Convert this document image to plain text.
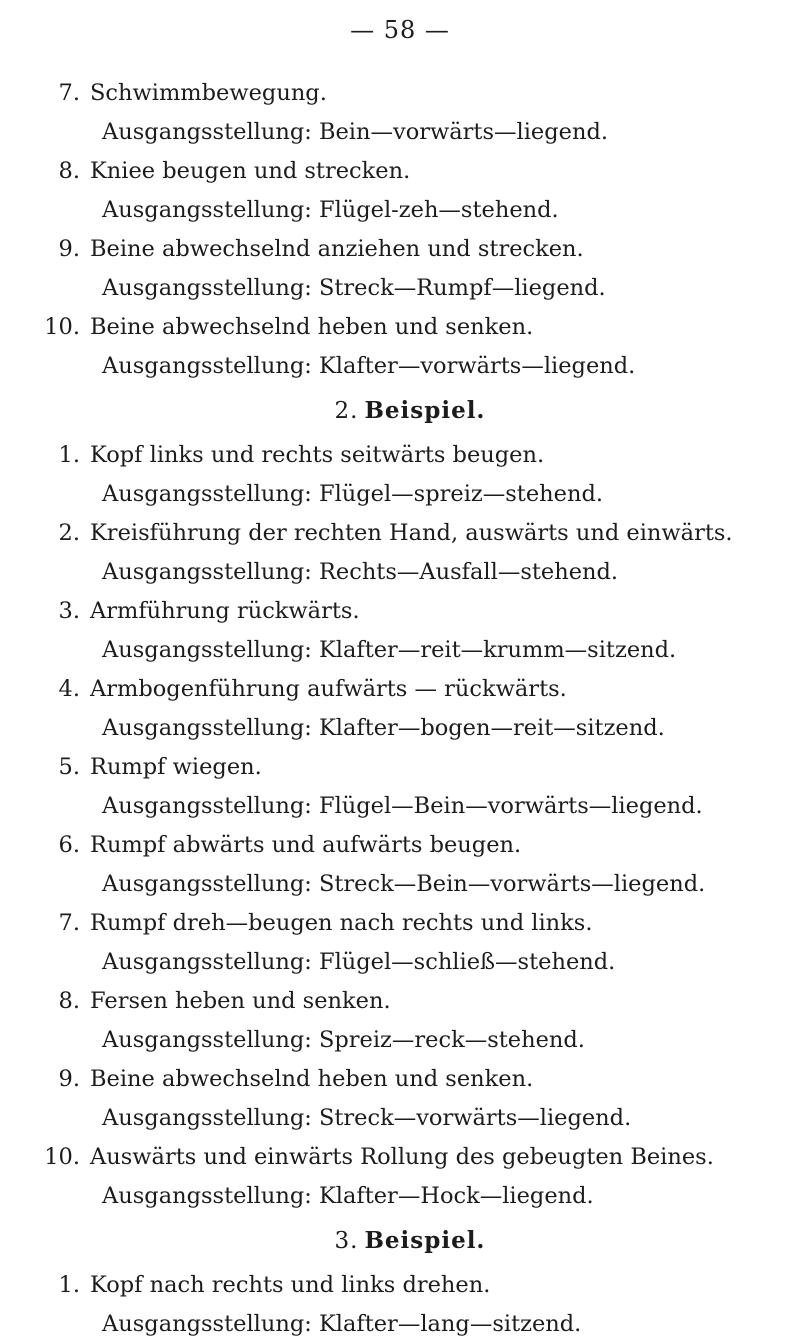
— 58 —
7. Schwimmbewegung.
Ausgangsstellung: Bein—vorwärts—liegend.
8. Kniee beugen und strecken.
Ausgangsstellung: Flügel-zeh—stehend.
9. Beine abwechselnd anziehen und strecken.
Ausgangsstellung: Streck—Rumpf—liegend.
10. Beine abwechselnd heben und senken.
Ausgangsstellung: Klafter—vorwärts—liegend.
2. Beispiel.
1. Kopf links und rechts seitwärts beugen.
Ausgangsstellung: Flügel—spreiz—stehend.
2. Kreisführung der rechten Hand, auswärts und einwärts.
Ausgangsstellung: Rechts—Ausfall—stehend.
3. Armführung rückwärts.
Ausgangsstellung: Klafter—reit—krumm—sitzend.
4. Armbogenführung aufwärts — rückwärts.
Ausgangsstellung: Klafter—bogen—reit—sitzend.
5. Rumpf wiegen.
Ausgangsstellung: Flügel—Bein—vorwärts—liegend.
6. Rumpf abwärts und aufwärts beugen.
Ausgangsstellung: Streck—Bein—vorwärts—liegend.
7. Rumpf dreh—beugen nach rechts und links.
Ausgangsstellung: Flügel—schließ—stehend.
8. Fersen heben und senken.
Ausgangsstellung: Spreiz—reck—stehend.
9. Beine abwechselnd heben und senken.
Ausgangsstellung: Streck—vorwärts—liegend.
10. Auswärts und einwärts Rollung des gebeugten Beines.
Ausgangsstellung: Klafter—Hock—liegend.
3. Beispiel.
1. Kopf nach rechts und links drehen.
Ausgangsstellung: Klafter—lang—sitzend.
